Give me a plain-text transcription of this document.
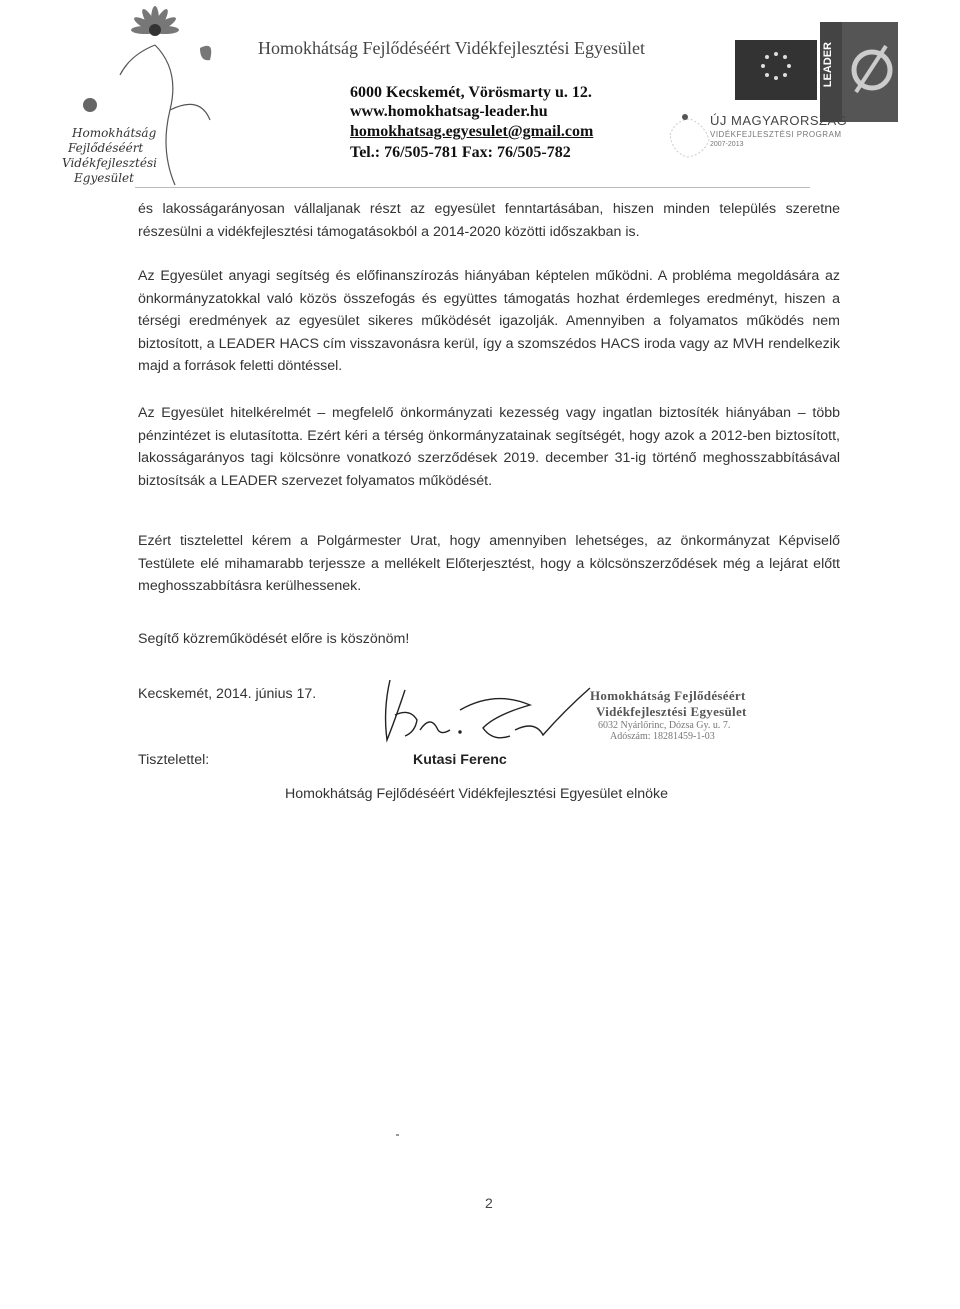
Homokhátság
Fejlődéséért
Vidékfejlesztési
Egyesület
Homokhátság Fejlődéséért Vidékfejlesztési Egyesület
6000 Kecskemét, Vörösmarty u. 12.
www.homokhatsag-leader.hu
homokhatsag.egyesulet@gmail.com
Tel.: 76/505-781 Fax: 76/505-782
LEADER
ÚJ MAGYARORSZÁG
VIDÉKFEJLESZTÉSI PROGRAM
2007-2013

és lakosságarányosan vállaljanak részt az egyesület fenntartásában, hiszen minden település szeretne részesülni a vidékfejlesztési támogatásokból a 2014-2020 közötti időszakban is.

Az Egyesület anyagi segítség és előfinanszírozás hiányában képtelen működni. A probléma megoldására az önkormányzatokkal való közös összefogás és együttes támogatás hozhat érdemleges eredményt, hiszen a térségi eredmények az egyesület sikeres működését igazolják. Amennyiben a folyamatos működés nem biztosított, a LEADER HACS cím visszavonásra kerül, így a szomszédos HACS iroda vagy az MVH rendelkezik majd a források feletti döntéssel.

Az Egyesület hitelkérelmét – megfelelő önkormányzati kezesség vagy ingatlan biztosíték hiányában – több pénzintézet is elutasította. Ezért kéri a térség önkormányzatainak segítségét, hogy azok a 2012-ben biztosított, lakosságarányos tagi kölcsönre vonatkozó szerződések 2019. december 31-ig történő meghosszabbításával biztosítsák a LEADER szervezet folyamatos működését.

Ezért tisztelettel kérem a Polgármester Urat, hogy amennyiben lehetséges, az önkormányzat Képviselő Testülete elé mihamarabb terjessze a mellékelt Előterjesztést, hogy a kölcsönszerződések még a lejárat előtt meghosszabbításra kerülhessenek.

Segítő közreműködését előre is köszönöm!

Kecskemét, 2014. június 17.	Homokhátság Fejlődéséért
Vidékfejlesztési Egyesület
6032 Nyárlőrinc, Dózsa Gy. u. 7.
Adószám: 18281459-1-03
Tisztelettel:	Kutasi Ferenc
Homokhátság Fejlődéséért Vidékfejlesztési Egyesület elnöke
2
